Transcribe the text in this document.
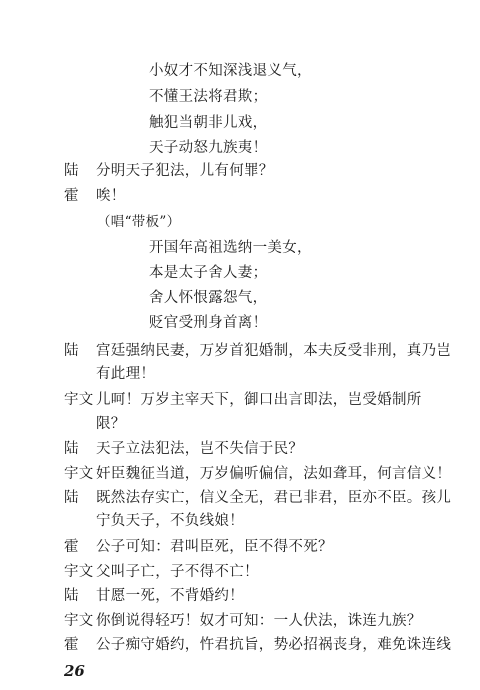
小奴才不知深浅退义气，
不懂王法将君欺；
触犯当朝非儿戏，
天子动怒九族夷！
陆 分明天子犯法，儿有何罪？
霍 唉！
（唱“带板”）
开国年高祖选纳一美女，
本是太子舍人妻；
舍人怀恨露怨气，
贬官受刑身首离！
陆 宫廷强纳民妻，万岁首犯婚制，本夫反受非刑，真乃岂
有此理！
宇文 儿呵！万岁主宰天下，御口出言即法，岂受婚制所
限？
陆 天子立法犯法，岂不失信于民？
宇文 奸臣魏征当道，万岁偏听偏信，法如聋耳，何言信义！
陆 既然法存实亡，信义全无，君已非君，臣亦不臣。孩儿
宁负天子，不负线娘！
霍 公子可知：君叫臣死，臣不得不死？
宇文 父叫子亡，子不得不亡！
陆 甘愿一死，不背婚约！
宇文 你倒说得轻巧！奴才可知：一人伏法，诛连九族？
霍 公子痴守婚约，忤君抗旨，势必招祸丧身，难免诛连线
26
